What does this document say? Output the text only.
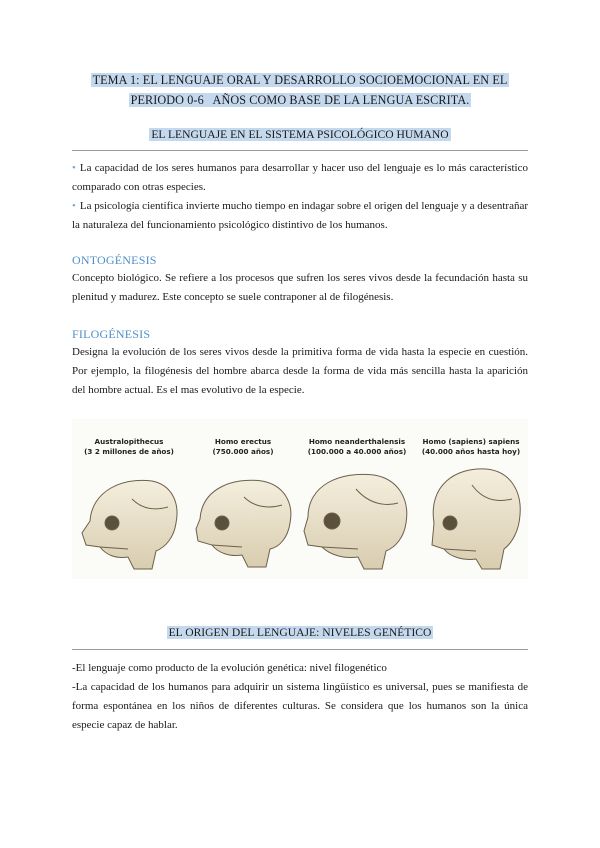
TEMA 1: EL LENGUAJE ORAL Y DESARROLLO SOCIOEMOCIONAL EN EL
PERIODO 0-6   AÑOS COMO BASE DE LA LENGUA ESCRITA.
EL LENGUAJE EN EL SISTEMA PSICOLÓGICO HUMANO

• La capacidad de los seres humanos para desarrollar y hacer uso del lenguaje es lo más característico comparado con otras especies.

• La psicología científica invierte mucho tiempo en indagar sobre el origen del lenguaje y a desentrañar la naturaleza del funcionamiento psicológico distintivo de los humanos.

ONTOGÉNESIS

Concepto biológico. Se refiere a los procesos que sufren los seres vivos desde la fecundación hasta su plenitud y madurez. Este concepto se suele contraponer al de filogénesis.

FILOGÉNESIS

Designa la evolución de los seres vivos desde la primitiva forma de vida hasta la especie en cuestión. Por ejemplo, la filogénesis del hombre abarca desde la forma de vida más sencilla hasta la aparición del hombre actual. Es el mas evolutivo de la especie.

Australopithecus
(3 2 millones de años)
Homo erectus
(750.000 años)
Homo neanderthalensis
(100.000 a 40.000 años)
Homo (sapiens) sapiens
(40.000 años hasta hoy)
EL ORIGEN DEL LENGUAJE: NIVELES GENÉTICO

-El lenguaje como producto de la evolución genética: nivel filogenético

-La capacidad de los humanos para adquirir un sistema lingüístico es universal, pues se manifiesta de forma espontánea en los niños de diferentes culturas. Se considera que los humanos son la única especie capaz de hablar.
